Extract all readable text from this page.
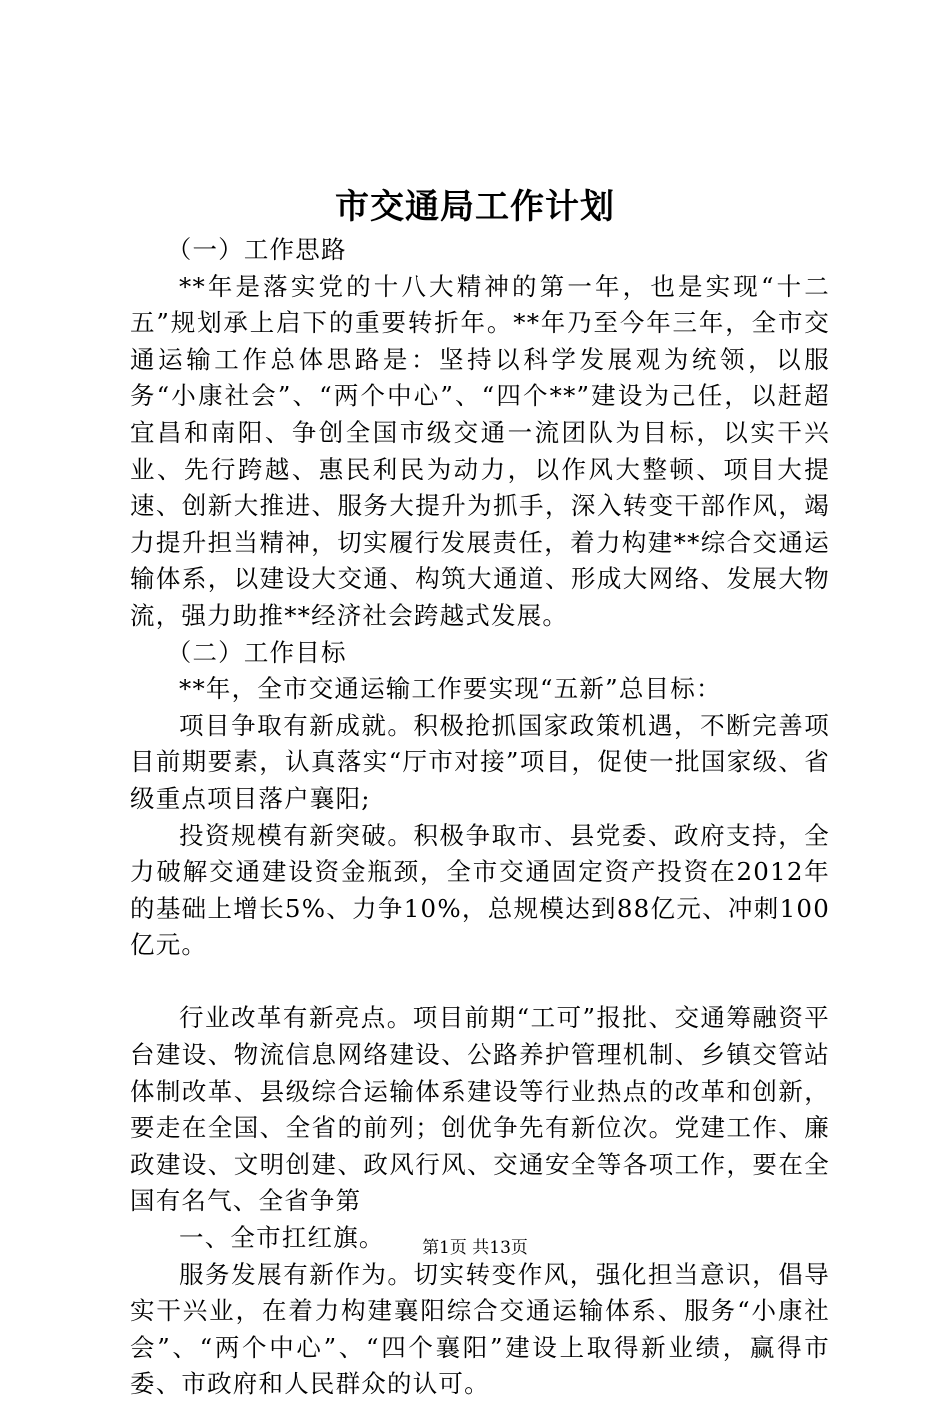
市交通局工作计划

（一）工作思路

**年是落实党的十八大精神的第一年，也是实现“十二五”规划承上启下的重要转折年。**年乃至今年三年，全市交通运输工作总体思路是：坚持以科学发展观为统领，以服务“小康社会”、“两个中心”、“四个**”建设为己任，以赶超宜昌和南阳、争创全国市级交通一流团队为目标，以实干兴业、先行跨越、惠民利民为动力，以作风大整顿、项目大提速、创新大推进、服务大提升为抓手，深入转变干部作风，竭力提升担当精神，切实履行发展责任，着力构建**综合交通运输体系，以建设大交通、构筑大通道、形成大网络、发展大物流，强力助推**经济社会跨越式发展。

（二）工作目标

**年，全市交通运输工作要实现“五新”总目标：

项目争取有新成就。积极抢抓国家政策机遇，不断完善项目前期要素，认真落实“厅市对接”项目，促使一批国家级、省级重点项目落户襄阳;

投资规模有新突破。积极争取市、县党委、政府支持，全力破解交通建设资金瓶颈，全市交通固定资产投资在2012年的基础上增长5%、力争10%，总规模达到88亿元、冲刺100亿元。

行业改革有新亮点。项目前期“工可”报批、交通筹融资平台建设、物流信息网络建设、公路养护管理机制、乡镇交管站体制改革、县级综合运输体系建设等行业热点的改革和创新，要走在全国、全省的前列；创优争先有新位次。党建工作、廉政建设、文明创建、政风行风、交通安全等各项工作，要在全国有名气、全省争第

一、全市扛红旗。

服务发展有新作为。切实转变作风，强化担当意识，倡导实干兴业，在着力构建襄阳综合交通运输体系、服务“小康社会”、“两个中心”、“四个襄阳”建设上取得新业绩，赢得市委、市政府和人民群众的认可。

第1页 共13页
